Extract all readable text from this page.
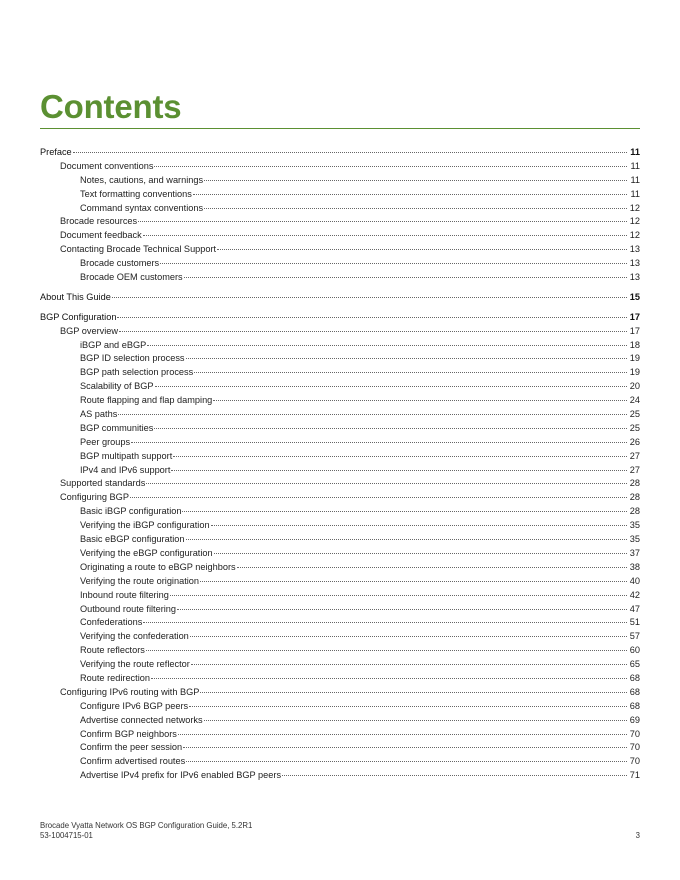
Contents
Preface	11
Document conventions	11
Notes, cautions, and warnings	11
Text formatting conventions	11
Command syntax conventions	12
Brocade resources	12
Document feedback	12
Contacting Brocade Technical Support	13
Brocade customers	13
Brocade OEM customers	13
About This Guide	15
BGP Configuration	17
BGP overview	17
iBGP and eBGP	18
BGP ID selection process	19
BGP path selection process	19
Scalability of BGP	20
Route flapping and flap damping	24
AS paths	25
BGP communities	25
Peer groups	26
BGP multipath support	27
IPv4 and IPv6 support	27
Supported standards	28
Configuring BGP	28
Basic iBGP configuration	28
Verifying the iBGP configuration	35
Basic eBGP configuration	35
Verifying the eBGP configuration	37
Originating a route to eBGP neighbors	38
Verifying the route origination	40
Inbound route filtering	42
Outbound route filtering	47
Confederations	51
Verifying the confederation	57
Route reflectors	60
Verifying the route reflector	65
Route redirection	68
Configuring IPv6 routing with BGP	68
Configure IPv6 BGP peers	68
Advertise connected networks	69
Confirm BGP neighbors	70
Confirm the peer session	70
Confirm advertised routes	70
Advertise IPv4 prefix for IPv6 enabled BGP peers	71
Brocade Vyatta Network OS BGP Configuration Guide, 5.2R1
53-1004715-01	3
